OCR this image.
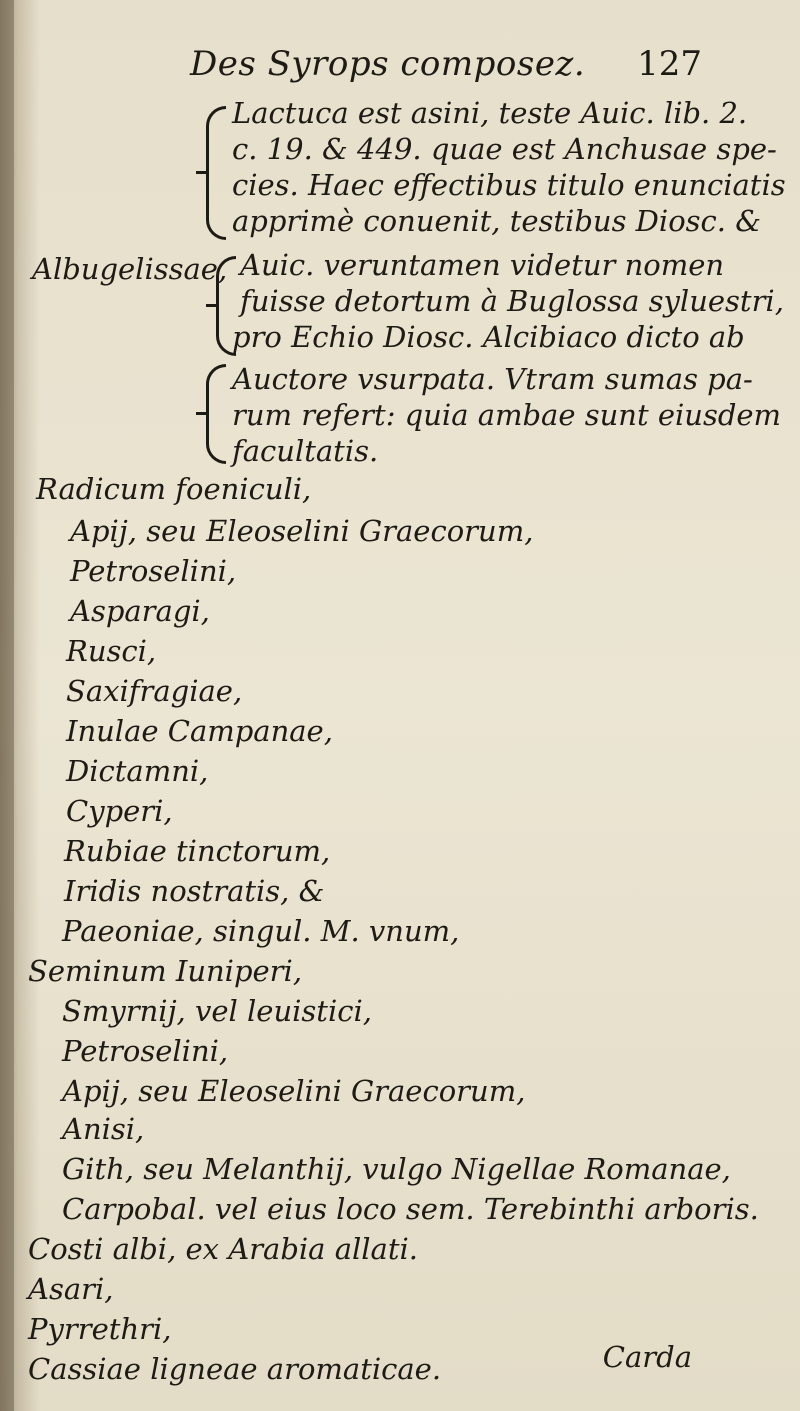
Des Syrops composez. 127
Lactuca est asini, teste Auic. lib. 2.
c. 19. & 449. quae est Anchusae spe-
cies. Haec effectibus titulo enunciatis
apprimè conuenit, testibus Diosc. &
Albugelissae, Auic. veruntamen videtur nomen
fuisse detortum à Buglossa syluestri,
pro Echio Diosc. Alcibiaco dicto ab
Auctore vsurpata. Vtram sumas pa-
rum refert: quia ambae sunt eiusdem
facultatis.
Radicum foeniculi,
Apij, seu Eleoselini Graecorum,
Petroselini,
Asparagi,
Rusci,
Saxifragiae,
Inulae Campanae,
Dictamni,
Cyperi,
Rubiae tinctorum,
Iridis nostratis, &
Paeoniae, singul. M. vnum,
Seminum Iuniperi,
Smyrnij, vel leuistici,
Petroselini,
Apij, seu Eleoselini Graecorum,
Anisi,
Gith, seu Melanthij, vulgo Nigellae Romanae,
Carpobal. vel eius loco sem. Terebinthi arboris.
Costi albi, ex Arabia allati.
Asari,
Pyrrethri,
Cassiae ligneae aromaticae.	Carda
